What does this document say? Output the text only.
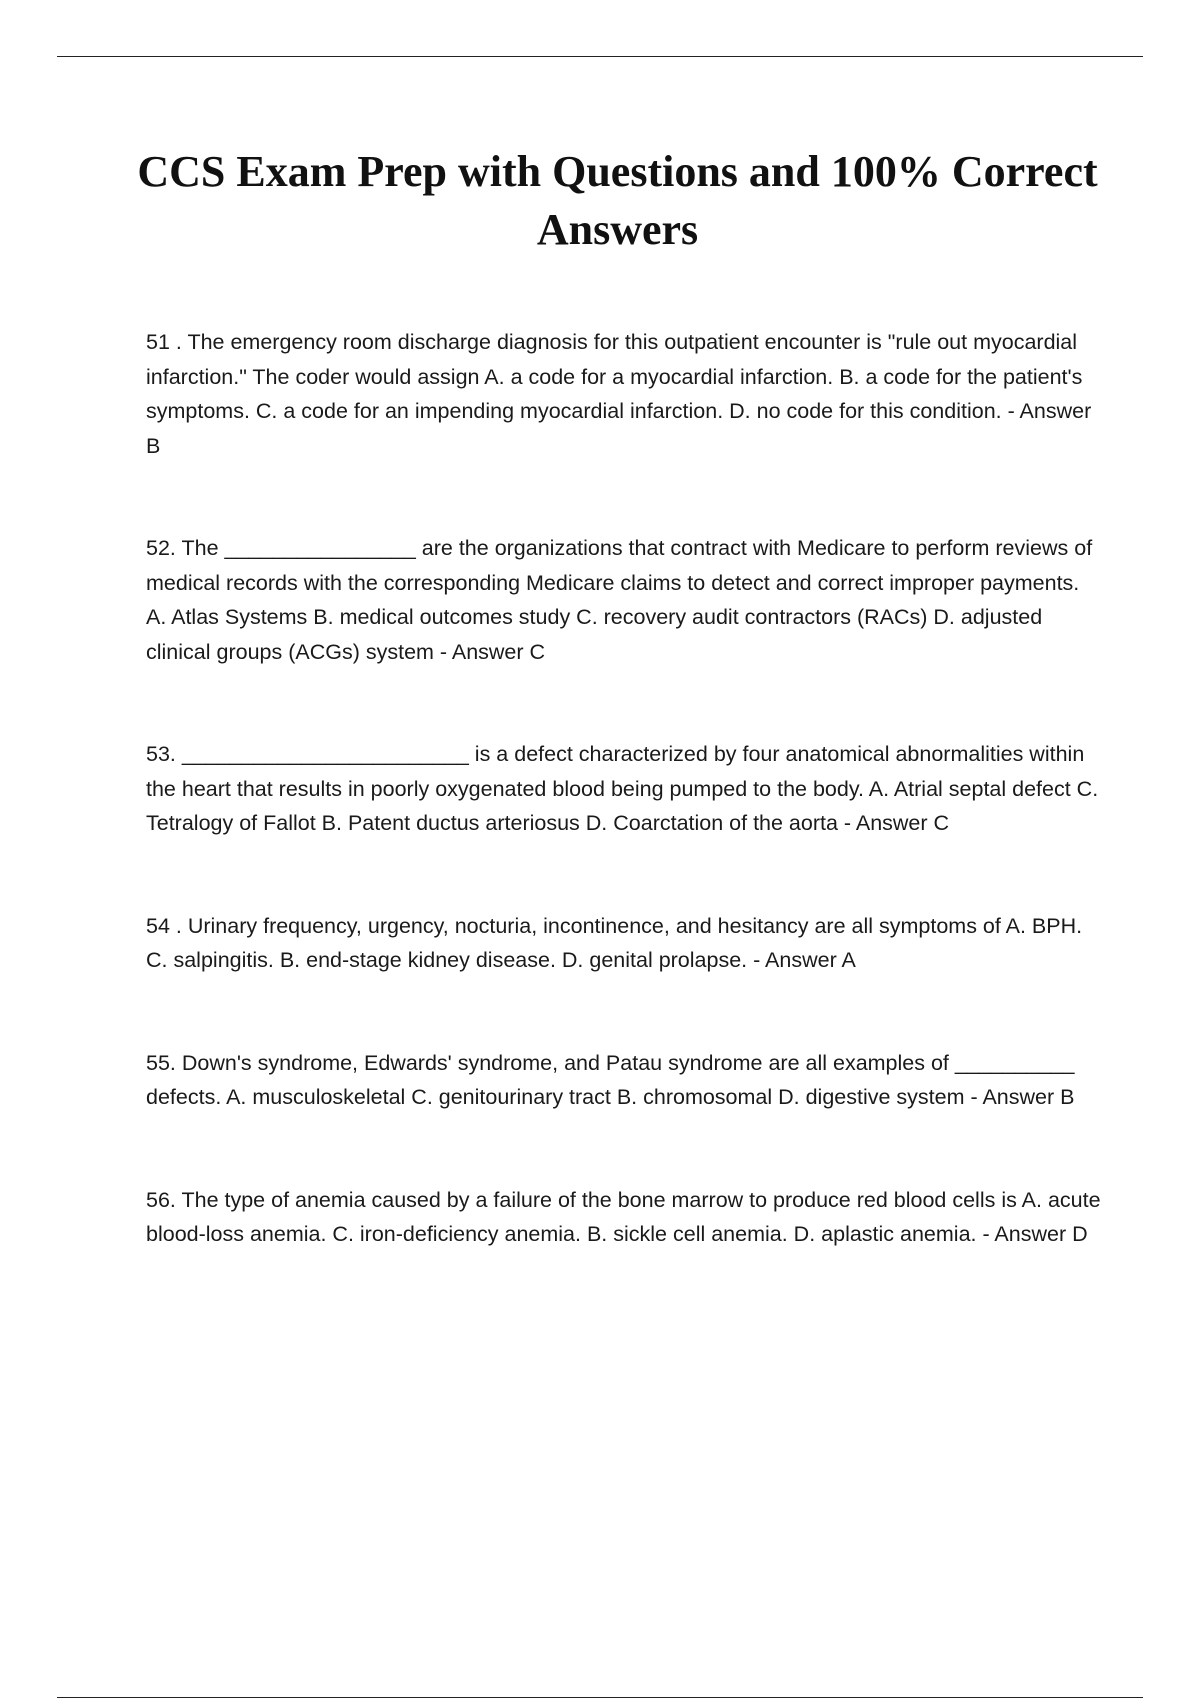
CCS Exam Prep with Questions and 100% Correct Answers

51 . The emergency room discharge diagnosis for this outpatient encounter is "rule out myocardial infarction." The coder would assign A. a code for a myocardial infarction. B. a code for the patient's symptoms. C. a code for an impending myocardial infarction. D. no code for this condition. - Answer B

52. The ________________ are the organizations that contract with Medicare to perform reviews of medical records with the corresponding Medicare claims to detect and correct improper payments. A. Atlas Systems B. medical outcomes study C. recovery audit contractors (RACs) D. adjusted clinical groups (ACGs) system - Answer C

53. ________________________ is a defect characterized by four anatomical abnormalities within the heart that results in poorly oxygenated blood being pumped to the body. A. Atrial septal defect C. Tetralogy of Fallot B. Patent ductus arteriosus D. Coarctation of the aorta - Answer C

54 . Urinary frequency, urgency, nocturia, incontinence, and hesitancy are all symptoms of A. BPH. C. salpingitis. B. end-stage kidney disease. D. genital prolapse. - Answer A

55. Down's syndrome, Edwards' syndrome, and Patau syndrome are all examples of __________ defects. A. musculoskeletal C. genitourinary tract B. chromosomal D. digestive system - Answer B

56. The type of anemia caused by a failure of the bone marrow to produce red blood cells is A. acute blood-loss anemia. C. iron-deficiency anemia. B. sickle cell anemia. D. aplastic anemia. - Answer D
